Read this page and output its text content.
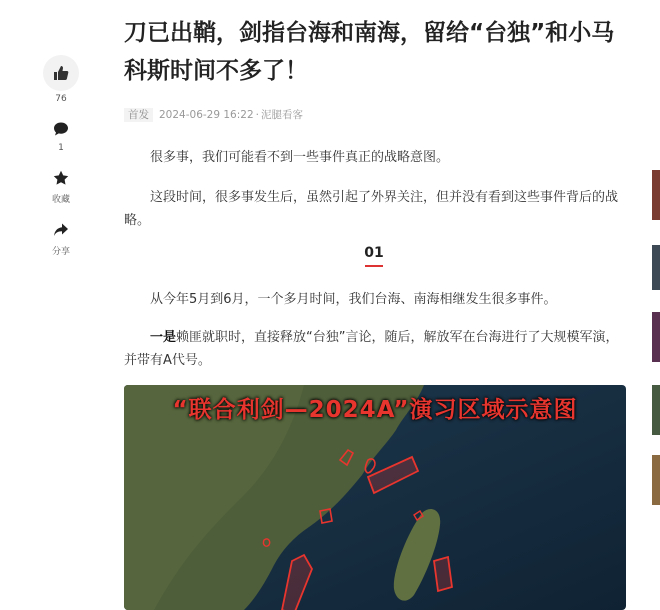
76
1
收藏
分享
刀已出鞘，剑指台海和南海，留给“台独”和小马科斯时间不多了！
首发 2024-06-29 16:22 · 泥腿看客

很多事，我们可能看不到一些事件真正的战略意图。

这段时间，很多事发生后，虽然引起了外界关注，但并没有看到这些事件背后的战略。

01

从今年5月到6月，一个多月时间，我们台海、南海相继发生很多事件。

一是赖匪就职时，直接释放“台独”言论，随后，解放军在台海进行了大规模军演，并带有A代号。

“联合利剑—2024A”演习区域示意图
